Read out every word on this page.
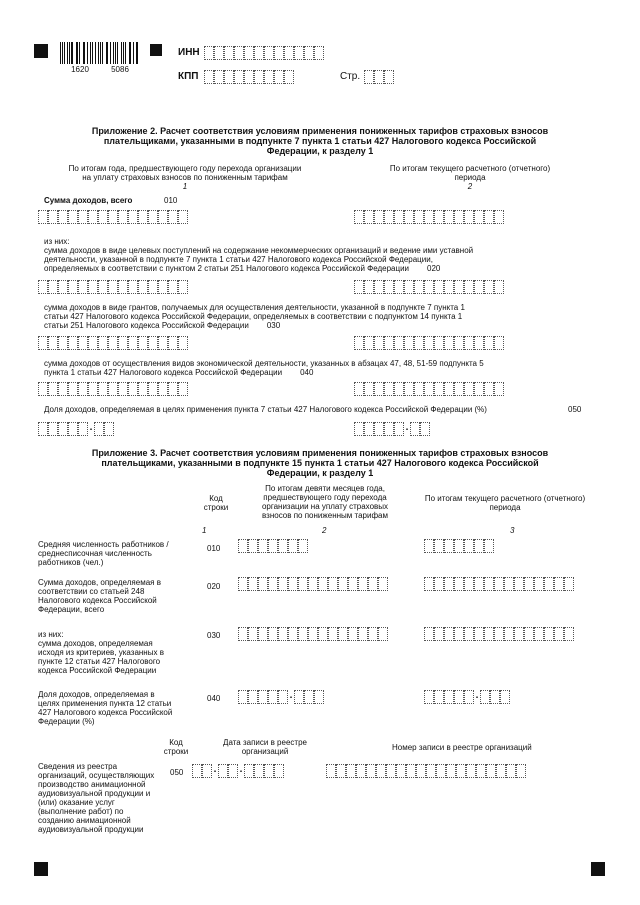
1620	5086
ИНН
КПП	Стр.
Приложение 2. Расчет соответствия условиям применения пониженных тарифов страховых взносов
плательщиками, указанными в подпункте 7 пункта 1 статьи 427 Налогового кодекса Российской
Федерации, к разделу 1
По итогам года, предшествующего году перехода организации
на уплату страховых взносов по пониженным тарифам
1
По итогам текущего расчетного (отчетного)
периода
2
Сумма доходов, всего	010
из них:
сумма доходов в виде целевых поступлений на содержание некоммерческих организаций и ведение ими уставной
деятельности, указанной в подпункте 7 пункта 1 статьи 427 Налогового кодекса Российской Федерации,
определяемых в соответствии с пунктом 2 статьи 251 Налогового кодекса Российской Федерации 020
сумма доходов в виде грантов, получаемых для осуществления деятельности, указанной в подпункте 7 пункта 1
статьи 427 Налогового кодекса Российской Федерации, определяемых в соответствии с подпунктом 14 пункта 1
статьи 251 Налогового кодекса Российской Федерации 030
сумма доходов от осуществления видов экономической деятельности, указанных в абзацах 47, 48, 51-59 подпункта 5
пункта 1 статьи 427 Налогового кодекса Российской Федерации 040
Доля доходов, определяемая в целях применения пункта 7 статьи 427 Налогового кодекса Российской Федерации (%)	050
.	.
Приложение 3. Расчет соответствия условиям применения пониженных тарифов страховых взносов
плательщиками, указанными в подпункте 15 пункта 1 статьи 427 Налогового кодекса Российской
Федерации, к разделу 1
Код
строки
По итогам девяти месяцев года,
предшествующего году перехода
организации на уплату страховых
взносов по пониженным тарифам
По итогам текущего расчетного (отчетного)
периода
1	2	3
Средняя численность работников /
среднесписочная численность
работников (чел.)
010
Сумма доходов, определяемая в
соответствии со статьей 248
Налогового кодекса Российской
Федерации, всего
020
из них:
сумма доходов, определяемая
исходя из критериев, указанных в
пункте 12 статьи 427 Налогового
кодекса Российской Федерации
030
Доля доходов, определяемая в
целях применения пункта 12 статьи
427 Налогового кодекса Российской
Федерации (%)
040	.	.
Код
строки
Дата записи в реестре
организаций	Номер записи в реестре организаций
Сведения из реестра
организаций, осуществляющих
производство анимационной
аудиовизуальной продукции и
(или) оказание услуг
(выполнение работ) по
созданию анимационной
аудиовизуальной продукции
050	. .
